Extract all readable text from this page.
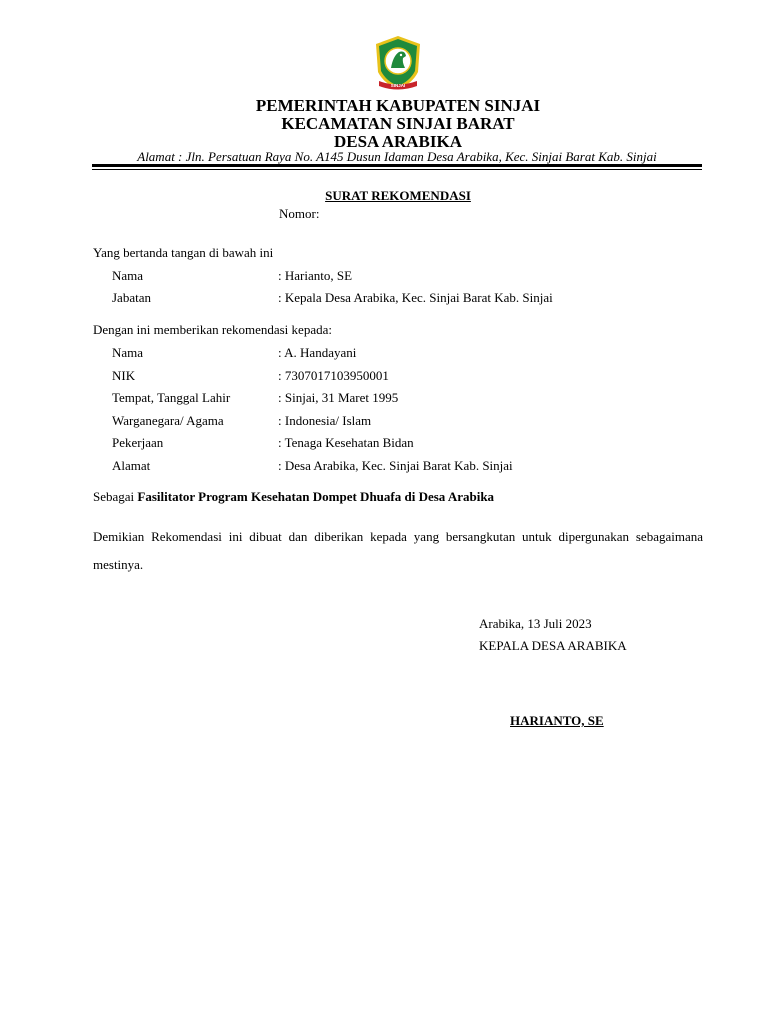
SINJAI
PEMERINTAH KABUPATEN SINJAI
KECAMATAN SINJAI BARAT
DESA ARABIKA
Alamat : Jln. Persatuan Raya No. A145 Dusun Idaman Desa Arabika, Kec. Sinjai Barat Kab. Sinjai
SURAT REKOMENDASI
Nomor:
Yang bertanda tangan di bawah ini
Nama	: Harianto, SE
Jabatan	: Kepala Desa Arabika, Kec. Sinjai Barat Kab. Sinjai
Dengan ini memberikan rekomendasi kepada:
Nama	: A. Handayani
NIK	: 7307017103950001
Tempat, Tanggal Lahir	: Sinjai, 31 Maret 1995
Warganegara/ Agama	: Indonesia/ Islam
Pekerjaan	: Tenaga Kesehatan Bidan
Alamat	: Desa Arabika, Kec. Sinjai Barat Kab. Sinjai
Sebagai Fasilitator Program Kesehatan Dompet Dhuafa di Desa Arabika
Demikian Rekomendasi ini dibuat dan diberikan kepada yang bersangkutan untuk dipergunakan sebagaimana mestinya.
Arabika, 13 Juli 2023
KEPALA DESA ARABIKA
HARIANTO, SE
